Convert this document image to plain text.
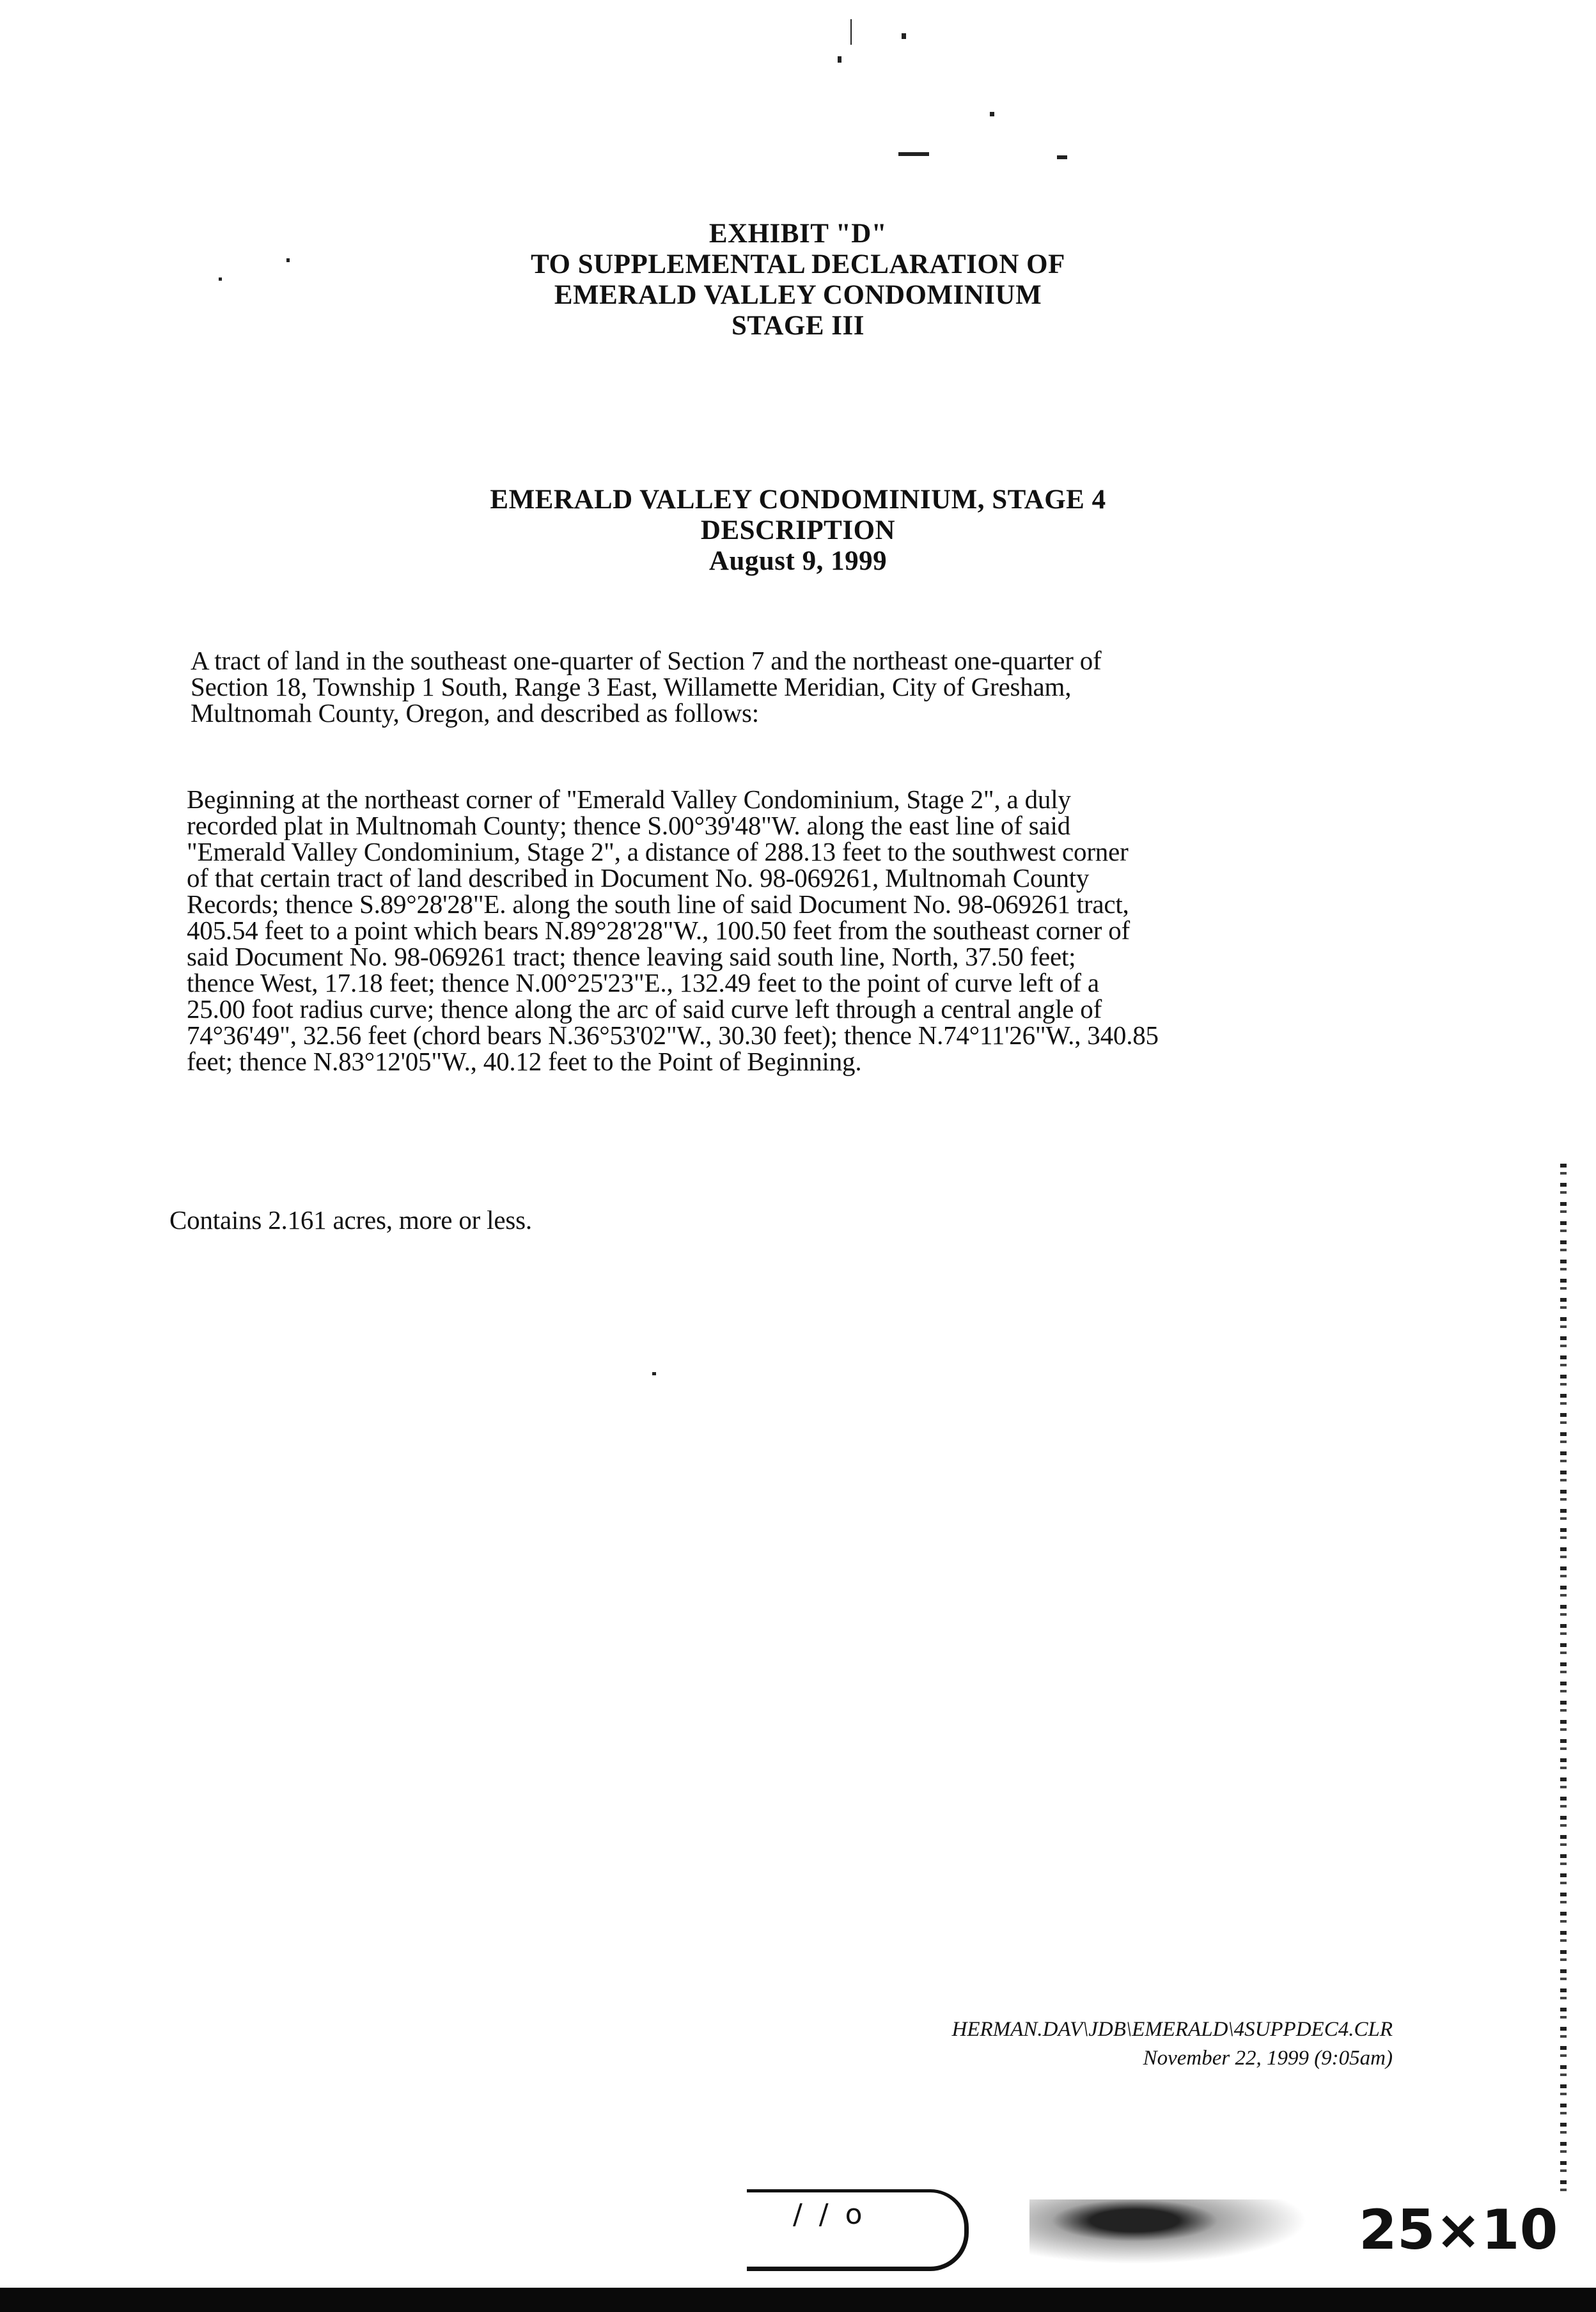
EXHIBIT "D"
TO SUPPLEMENTAL DECLARATION OF
EMERALD VALLEY CONDOMINIUM
STAGE III
EMERALD VALLEY CONDOMINIUM, STAGE 4
DESCRIPTION
August 9, 1999
A tract of land in the southeast one-quarter of Section 7 and the northeast one-quarter of
Section 18, Township 1 South, Range 3 East, Willamette Meridian, City of Gresham,
Multnomah County, Oregon, and described as follows:
Beginning at the northeast corner of "Emerald Valley Condominium, Stage 2", a duly
recorded plat in Multnomah County; thence S.00°39'48"W. along the east line of said
"Emerald Valley Condominium, Stage 2", a distance of 288.13 feet to the southwest corner
of that certain tract of land described in Document No. 98-069261, Multnomah County
Records; thence S.89°28'28"E. along the south line of said Document No. 98-069261 tract,
405.54 feet to a point which bears N.89°28'28"W., 100.50 feet from the southeast corner of
said Document No. 98-069261 tract; thence leaving said south line, North, 37.50 feet;
thence West, 17.18 feet; thence N.00°25'23"E., 132.49 feet to the point of curve left of a
25.00 foot radius curve; thence along the arc of said curve left through a central angle of
74°36'49", 32.56 feet (chord bears N.36°53'02"W., 30.30 feet); thence N.74°11'26"W., 340.85
feet; thence N.83°12'05"W., 40.12 feet to the Point of Beginning.
Contains 2.161 acres, more or less.
HERMAN.DAV\JDB\EMERALD\4SUPPDEC4.CLR
November 22, 1999 (9:05am)
/ / o	25×10
